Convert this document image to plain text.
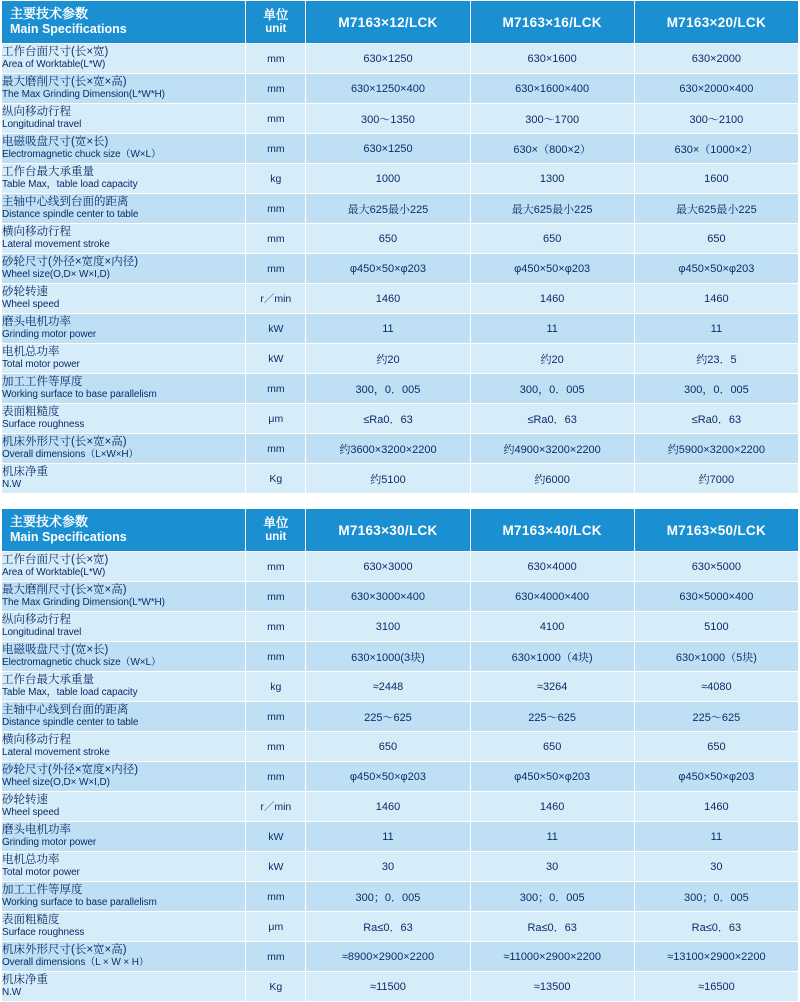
主要技术参数
Main Specifications	单位
unit	M7163×12/LCK	M7163×16/LCK	M7163×20/LCK

工作台面尺寸(长×宽)
Area of Worktable(L*W)	mm	630×1250	630×1600	630×2000

最大磨削尺寸(长×宽×高)
The Max Grinding Dimension(L*W*H)	mm	630×1250×400	630×1600×400	630×2000×400

纵向移动行程
Longitudinal travel	mm	300～1350	300～1700	300～2100

电磁吸盘尺寸(宽×长)
Electromagnetic chuck size（W×L）	mm	630×1250	630×（800×2）	630×（1000×2）

工作台最大承重量
Table Max，table load capacity	kg	1000	1300	1600

主轴中心线到台面的距离
Distance spindle center to table	mm	最大625最小225	最大625最小225	最大625最小225

横向移动行程
Lateral movement stroke	mm	650	650	650

砂轮尺寸(外径×宽度×内径)
Wheel size(O,D× W×I,D)	mm	φ450×50×φ203	φ450×50×φ203	φ450×50×φ203

砂轮转速
Wheel speed	r／min	1460	1460	1460

磨头电机功率
Grinding motor power	kW	11	11	11

电机总功率
Total motor power	kW	约20	约20	约23．5

加工工件等厚度
Working surface to base parallelism	mm	300，0．005	300，0．005	300，0．005

表面粗糙度
Surface roughness	μm	≤Ra0．63	≤Ra0．63	≤Ra0．63

机床外形尺寸(长×宽×高)
Overall dimensions（L×W×H）	mm	约3600×3200×2200	约4900×3200×2200	约5900×3200×2200

机床净重
N.W	Kg	约5100	约6000	约7000
主要技术参数
Main Specifications	单位
unit	M7163×30/LCK	M7163×40/LCK	M7163×50/LCK

工作台面尺寸(长×宽)
Area of Worktable(L*W)	mm	630×3000	630×4000	630×5000

最大磨削尺寸(长×宽×高)
The Max Grinding Dimension(L*W*H)	mm	630×3000×400	630×4000×400	630×5000×400

纵向移动行程
Longitudinal travel	mm	3100	4100	5100

电磁吸盘尺寸(宽×长)
Electromagnetic chuck size（W×L）	mm	630×1000(3块)	630×1000（4块)	630×1000（5块)

工作台最大承重量
Table Max，table load capacity	kg	≈2448	≈3264	≈4080

主轴中心线到台面的距离
Distance spindle center to table	mm	225～625	225～625	225～625

横向移动行程
Lateral movement stroke	mm	650	650	650

砂轮尺寸(外径×宽度×内径)
Wheel size(O,D× W×I,D)	mm	φ450×50×φ203	φ450×50×φ203	φ450×50×φ203

砂轮转速
Wheel speed	r／min	1460	1460	1460

磨头电机功率
Grinding motor power	kW	11	11	11

电机总功率
Total motor power	kW	30	30	30

加工工件等厚度
Working surface to base parallelism	mm	300；0．005	300；0．005	300；0．005

表面粗糙度
Surface roughness	μm	Ra≤0．63	Ra≤0．63	Ra≤0．63

机床外形尺寸(长×宽×高)
Overall dimensions（L × W × H）	mm	≈8900×2900×2200	≈11000×2900×2200	≈13100×2900×2200

机床净重
N.W	Kg	≈11500	≈13500	≈16500
